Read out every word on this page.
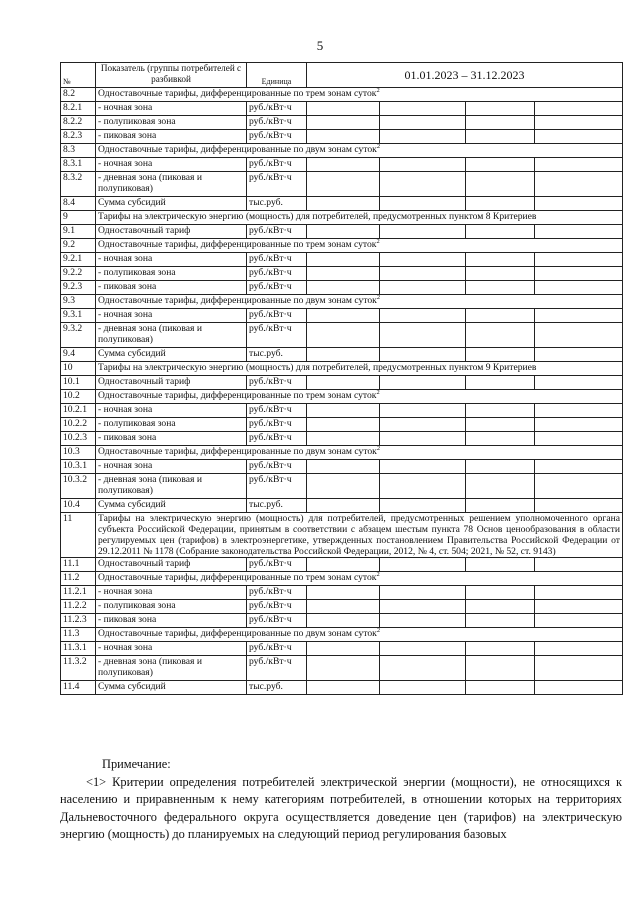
5
№	Показатель (группы потребителей с разбивкой	Единица	01.01.2023 – 31.12.2023			
8.2	Одноставочные тарифы, дифференцированные по трем зонам суток$^2$
8.2.1	- ночная зона	руб./кВт·ч				
8.2.2	- полупиковая зона	руб./кВт·ч				
8.2.3	- пиковая зона	руб./кВт·ч				
8.3	Одноставочные тарифы, дифференцированные по двум зонам суток$^2$
8.3.1	- ночная зона	руб./кВт·ч				
8.3.2	- дневная зона (пиковая и полупиковая)	руб./кВт·ч				
8.4	Сумма субсидий	тыс.руб.				
9	Тарифы на электрическую энергию (мощность) для потребителей, предусмотренных пунктом 8 Критериев					
9.1	Одноставочный тариф	руб./кВт·ч				
9.2	Одноставочные тарифы, дифференцированные по трем зонам суток$^2$
9.2.1	- ночная зона	руб./кВт·ч				
9.2.2	- полупиковая зона	руб./кВт·ч				
9.2.3	- пиковая зона	руб./кВт·ч				
9.3	Одноставочные тарифы, дифференцированные по двум зонам суток$^2$
9.3.1	- ночная зона	руб./кВт·ч				
9.3.2	- дневная зона (пиковая и полупиковая)	руб./кВт·ч				
9.4	Сумма субсидий	тыс.руб.				
10	Тарифы на электрическую энергию (мощность) для потребителей, предусмотренных пунктом 9 Критериев					
10.1	Одноставочный тариф	руб./кВт·ч				
10.2	Одноставочные тарифы, дифференцированные по трем зонам суток$^2$
10.2.1	- ночная зона	руб./кВт·ч				
10.2.2	- полупиковая зона	руб./кВт·ч				
10.2.3	- пиковая зона	руб./кВт·ч				
10.3	Одноставочные тарифы, дифференцированные по двум зонам суток$^2$
10.3.1	- ночная зона	руб./кВт·ч				
10.3.2	- дневная зона (пиковая и полупиковая)	руб./кВт·ч				
10.4	Сумма субсидий	тыс.руб.				
11	Тарифы на электрическую энергию (мощность) для потребителей, предусмотренных решением уполномоченного органа субъекта Российской Федерации, принятым в соответствии с абзацем шестым пункта 78 Основ ценообразования в области регулируемых цен (тарифов) в электроэнергетике, утвержденных постановлением Правительства Российской Федерации от 29.12.2011 № 1178 (Собрание законодательства Российской Федерации, 2012, № 4, ст. 504; 2021, № 52, ст. 9143)					
11.1	Одноставочный тариф	руб./кВт·ч				
11.2	Одноставочные тарифы, дифференцированные по трем зонам суток$^2$
11.2.1	- ночная зона	руб./кВт·ч				
11.2.2	- полупиковая зона	руб./кВт·ч				
11.2.3	- пиковая зона	руб./кВт·ч				
11.3	Одноставочные тарифы, дифференцированные по двум зонам суток$^2$
11.3.1	- ночная зона	руб./кВт·ч				
11.3.2	- дневная зона (пиковая и полупиковая)	руб./кВт·ч				
11.4	Сумма субсидий	тыс.руб.				
Примечание:
<1> Критерии определения потребителей электрической энергии (мощности), не относящихся к населению и приравненным к нему категориям потребителей, в отношении которых на территориях Дальневосточного федерального округа осуществляется доведение цен (тарифов) на электрическую энергию (мощность) до планируемых на следующий период регулирования базовых
